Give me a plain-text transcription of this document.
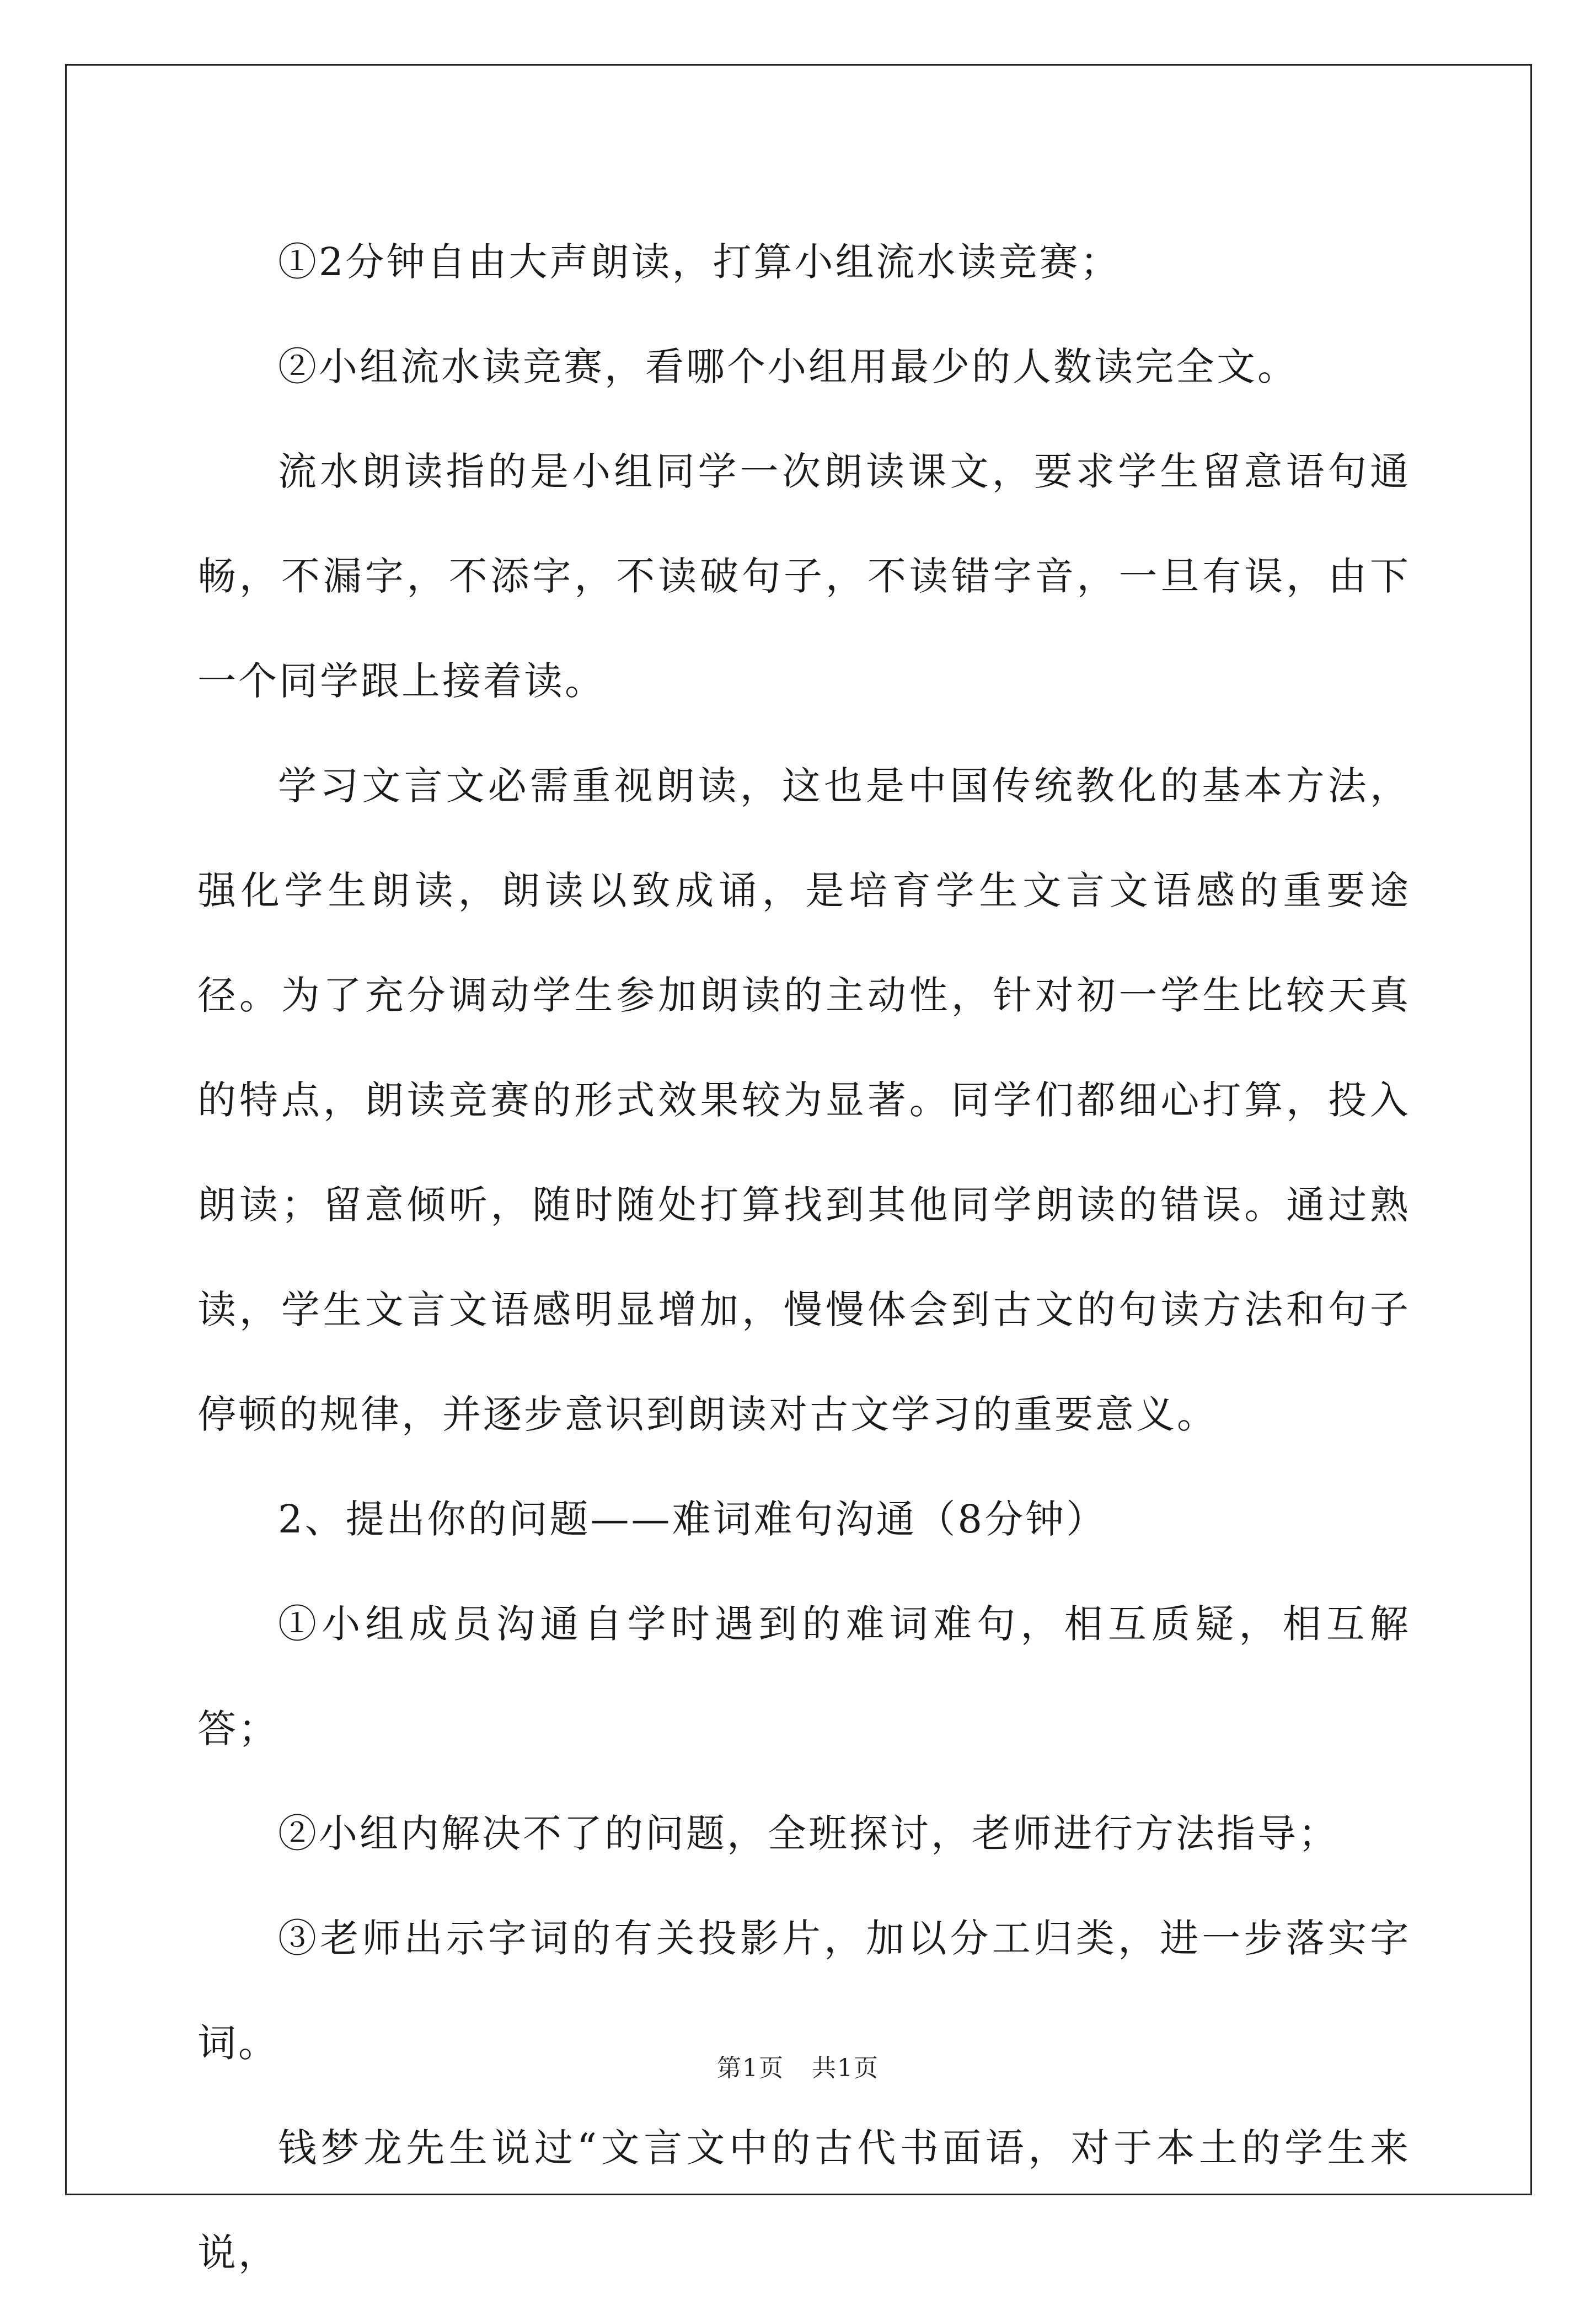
①2分钟自由大声朗读，打算小组流水读竞赛；

②小组流水读竞赛，看哪个小组用最少的人数读完全文。

流水朗读指的是小组同学一次朗读课文，要求学生留意语句通畅，不漏字，不添字，不读破句子，不读错字音，一旦有误，由下一个同学跟上接着读。

学习文言文必需重视朗读，这也是中国传统教化的基本方法，强化学生朗读，朗读以致成诵，是培育学生文言文语感的重要途径。为了充分调动学生参加朗读的主动性，针对初一学生比较天真的特点，朗读竞赛的形式效果较为显著。同学们都细心打算，投入朗读；留意倾听，随时随处打算找到其他同学朗读的错误。通过熟读，学生文言文语感明显增加，慢慢体会到古文的句读方法和句子停顿的规律，并逐步意识到朗读对古文学习的重要意义。

2、提出你的问题——难词难句沟通（8分钟）

①小组成员沟通自学时遇到的难词难句，相互质疑，相互解答；

②小组内解决不了的问题，全班探讨，老师进行方法指导；

③老师出示字词的有关投影片，加以分工归类，进一步落实字词。

钱梦龙先生说过“文言文中的古代书面语，对于本土的学生来说，

第1页 共1页
